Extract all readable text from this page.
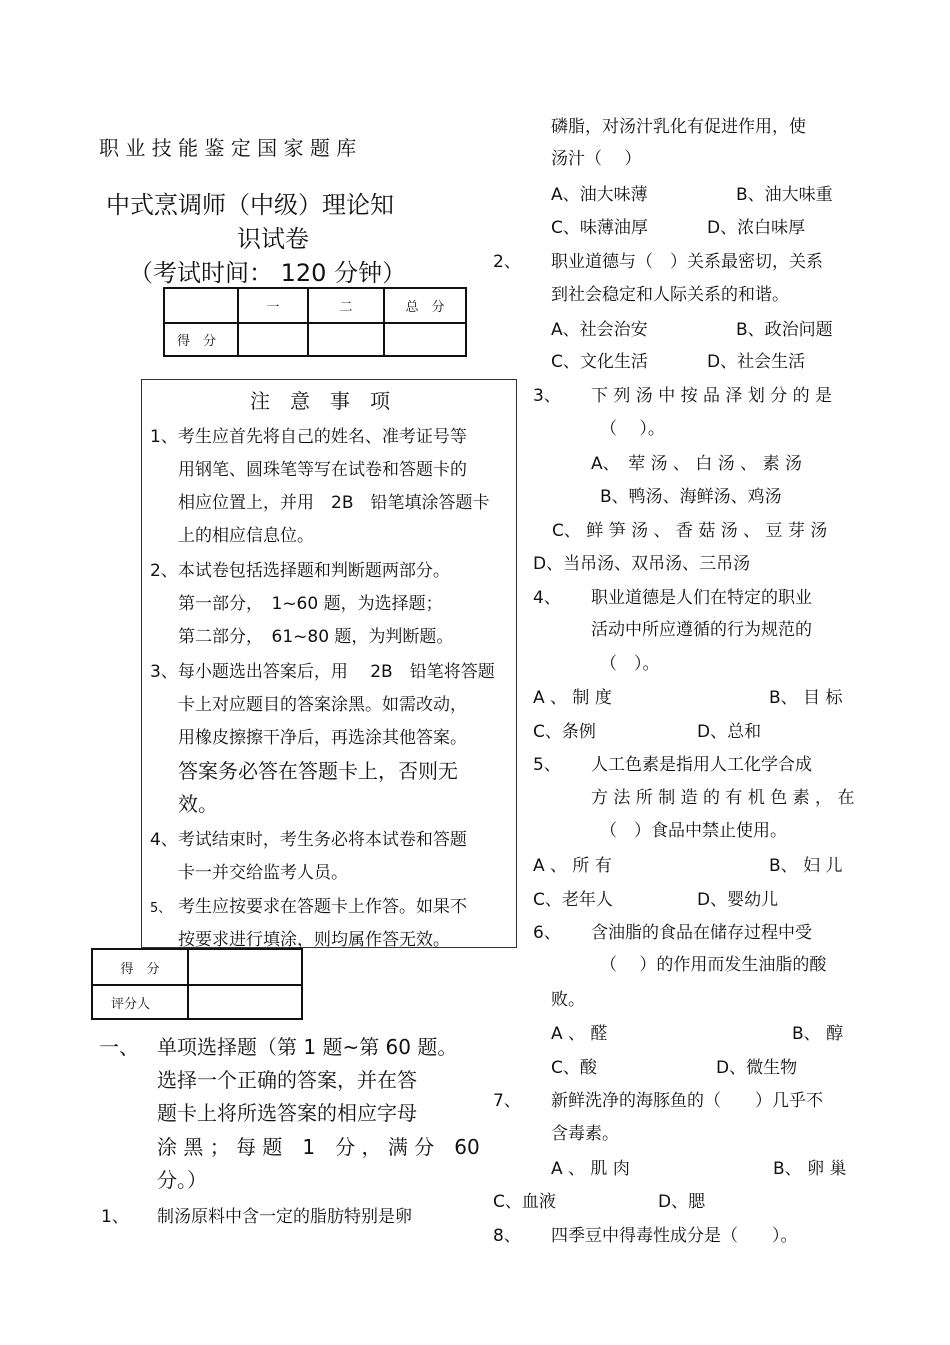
职 业 技 能 鉴 定 国 家 题 库
中式烹调师（中级）理论知
识试卷
（考试时间： 120 分钟）
	一	二	总　分
得　分			
注　意　事　项
1、考生应首先将自己的姓名、准考证号等
用钢笔、圆珠笔等写在试卷和答题卡的
相应位置上，并用　2B　铅笔填涂答题卡
上的相应信息位。
2、本试卷包括选择题和判断题两部分。
第一部分，　1~60 题，为选择题；
第二部分，　61~80 题，为判断题。
3、每小题选出答案后，用　 2B　铅笔将答题
卡上对应题目的答案涂黑。如需改动，
用橡皮擦擦干净后，再选涂其他答案。
答案务必答在答题卡上，否则无
效。
4、考试结束时，考生务必将本试卷和答题
卡一并交给监考人员。
5、 考生应按要求在答题卡上作答。如果不
按要求进行填涂，则均属作答无效。
得　分	
评分人	
一、 单项选择题（第 1 题~第 60 题。
选择一个正确的答案，并在答
题卡上将所选答案的相应字母
涂 黑 ； 每 题　1　分 ， 满 分　60
分。）
1、 制汤原料中含一定的脂肪特别是卵
磷脂，对汤汁乳化有促进作用，使
汤汁（　 ）
A、油大味薄	B、油大味重
C、味薄油厚	D、浓白味厚
2、 职业道德与（　）关系最密切，关系
到社会稳定和人际关系的和谐。
A、社会治安	B、政治问题
C、文化生活	D、社会生活
3、 下 列 汤 中 按 品 泽 划 分 的 是
（　 ）。
A、　荤 汤 、 白 汤 、 素 汤
B、鸭汤、海鲜汤、鸡汤
C、 鲜 笋 汤 、 香 菇 汤 、 豆 芽 汤
D、当吊汤、双吊汤、三吊汤
4、 职业道德是人们在特定的职业
活动中所应遵循的行为规范的
（　）。
A 、 制 度	B、 目 标
C、条例	D、总和
5、 人工色素是指用人工化学合成
方 法 所 制 造 的 有 机 色 素 ， 在
（　）食品中禁止使用。
A 、 所 有	B、 妇 儿
C、老年人	D、婴幼儿
6、 含油脂的食品在储存过程中受
（　 ）的作用而发生油脂的酸
败。
A 、 醛	B、 醇
C、酸	D、微生物
7、 新鲜洗净的海豚鱼的（　　）几乎不
含毒素。
A 、 肌 肉	B、 卵 巢
C、血液	D、腮
8、 四季豆中得毒性成分是（　　）。
